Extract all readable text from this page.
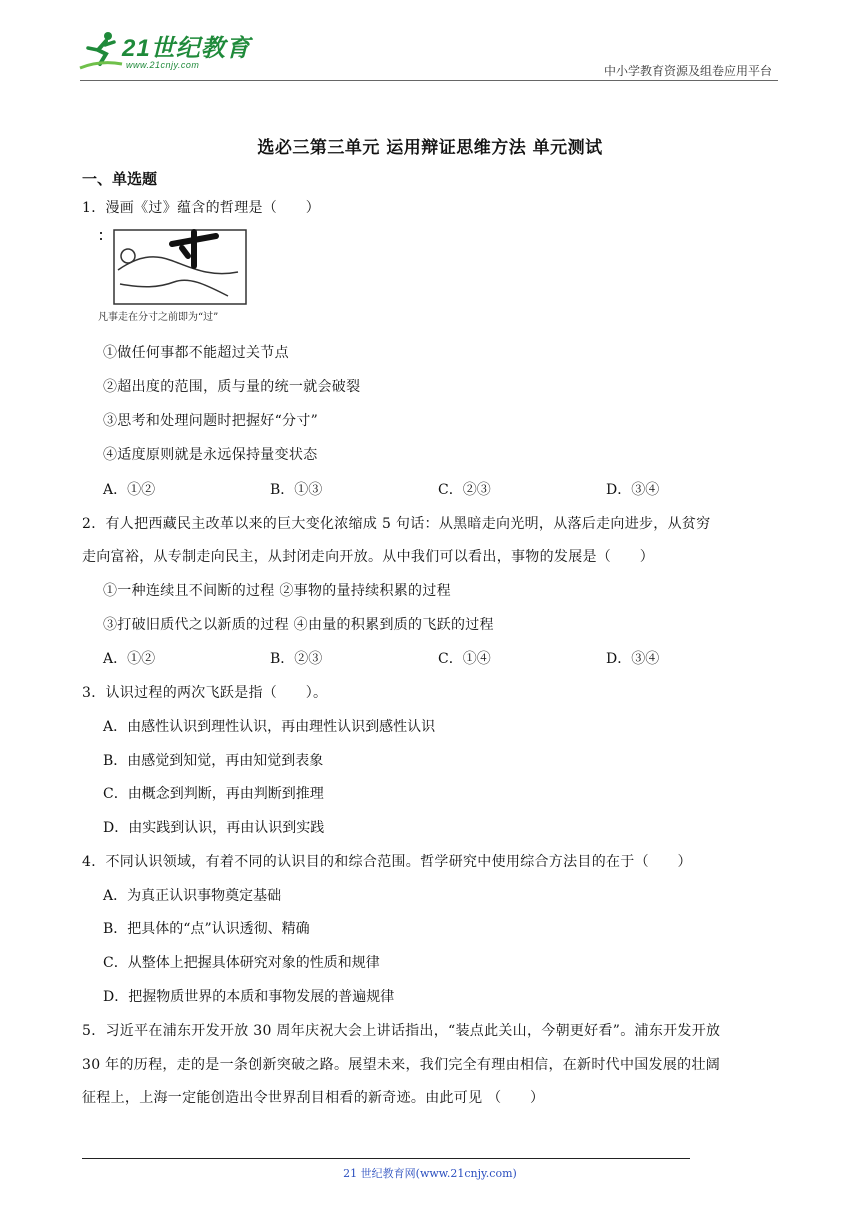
21世纪教育
www.21cnjy.com	中小学教育资源及组卷应用平台
选必三第三单元 运用辩证思维方法 单元测试
一、单选题
1．漫画《过》蕴含的哲理是（　　）
凡事走在分寸之前即为“过”
①做任何事都不能超过关节点
②超出度的范围，质与量的统一就会破裂
③思考和处理问题时把握好“分寸”
④适度原则就是永远保持量变状态
A．①②	B．①③	C．②③	D．③④
2．有人把西藏民主改革以来的巨大变化浓缩成 5 句话：从黑暗走向光明，从落后走向进步，从贫穷
走向富裕，从专制走向民主，从封闭走向开放。从中我们可以看出，事物的发展是（　　）
①一种连续且不间断的过程 ②事物的量持续积累的过程
③打破旧质代之以新质的过程 ④由量的积累到质的飞跃的过程
A．①②	B．②③	C．①④	D．③④
3．认识过程的两次飞跃是指（　　）。
A．由感性认识到理性认识，再由理性认识到感性认识
B．由感觉到知觉，再由知觉到表象
C．由概念到判断，再由判断到推理
D．由实践到认识，再由认识到实践
4．不同认识领域，有着不同的认识目的和综合范围。哲学研究中使用综合方法目的在于（　　）
A．为真正认识事物奠定基础
B．把具体的“点”认识透彻、精确
C．从整体上把握具体研究对象的性质和规律
D．把握物质世界的本质和事物发展的普遍规律
5．习近平在浦东开发开放 30 周年庆祝大会上讲话指出，“装点此关山，今朝更好看”。浦东开发开放
30 年的历程，走的是一条创新突破之路。展望未来，我们完全有理由相信，在新时代中国发展的壮阔
征程上，上海一定能创造出令世界刮目相看的新奇迹。由此可见 （　　）
21 世纪教育网(www.21cnjy.com)
